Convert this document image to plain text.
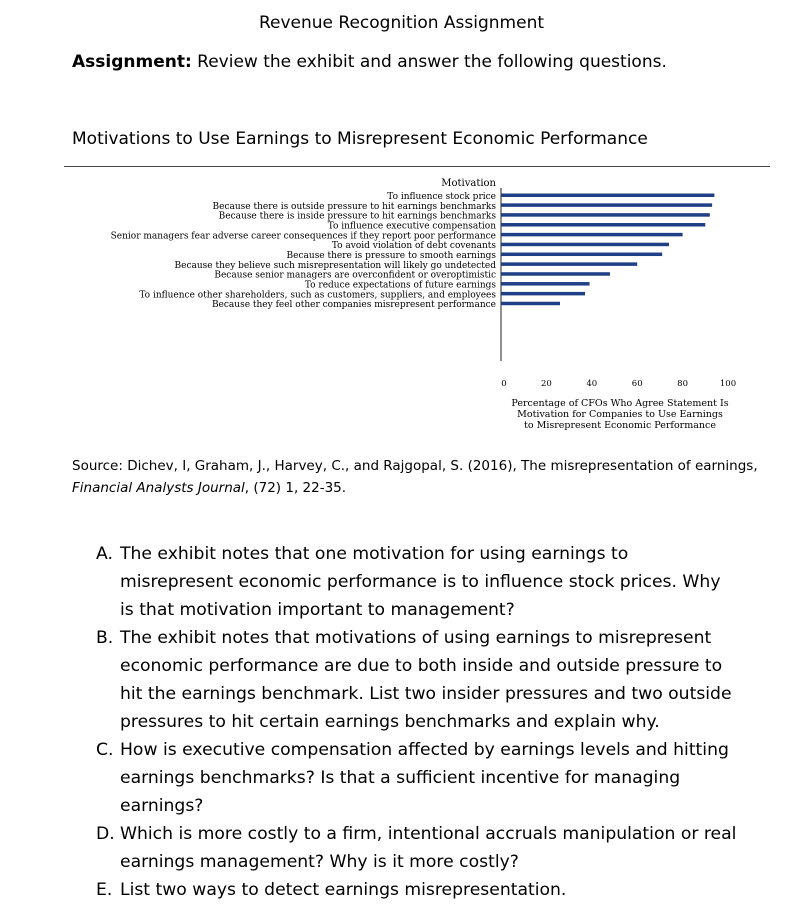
Revenue Recognition Assignment
Assignment: Review the exhibit and answer the following questions.
Motivations to Use Earnings to Misrepresent Economic Performance
Motivation
To influence stock price
Because there is outside pressure to hit earnings benchmarks
Because there is inside pressure to hit earnings benchmarks
To influence executive compensation
Senior managers fear adverse career consequences if they report poor performance
To avoid violation of debt covenants
Because there is pressure to smooth earnings
Because they believe such misrepresentation will likely go undetected
Because senior managers are overconfident or overoptimistic
To reduce expectations of future earnings
To influence other shareholders, such as customers, suppliers, and employees
Because they feel other companies misrepresent performance
0	20	40	60	80	100
Percentage of CFOs Who Agree Statement Is
Motivation for Companies to Use Earnings
to Misrepresent Economic Performance
Source: Dichev, I, Graham, J., Harvey, C., and Rajgopal, S. (2016), The misrepresentation of earnings,
Financial Analysts Journal, (72) 1, 22-35.
A. The exhibit notes that one motivation for using earnings to
misrepresent economic performance is to influence stock prices. Why
is that motivation important to management?
B. The exhibit notes that motivations of using earnings to misrepresent
economic performance are due to both inside and outside pressure to
hit the earnings benchmark. List two insider pressures and two outside
pressures to hit certain earnings benchmarks and explain why.
C. How is executive compensation affected by earnings levels and hitting
earnings benchmarks? Is that a sufficient incentive for managing
earnings?
D. Which is more costly to a firm, intentional accruals manipulation or real
earnings management? Why is it more costly?
E. List two ways to detect earnings misrepresentation.
